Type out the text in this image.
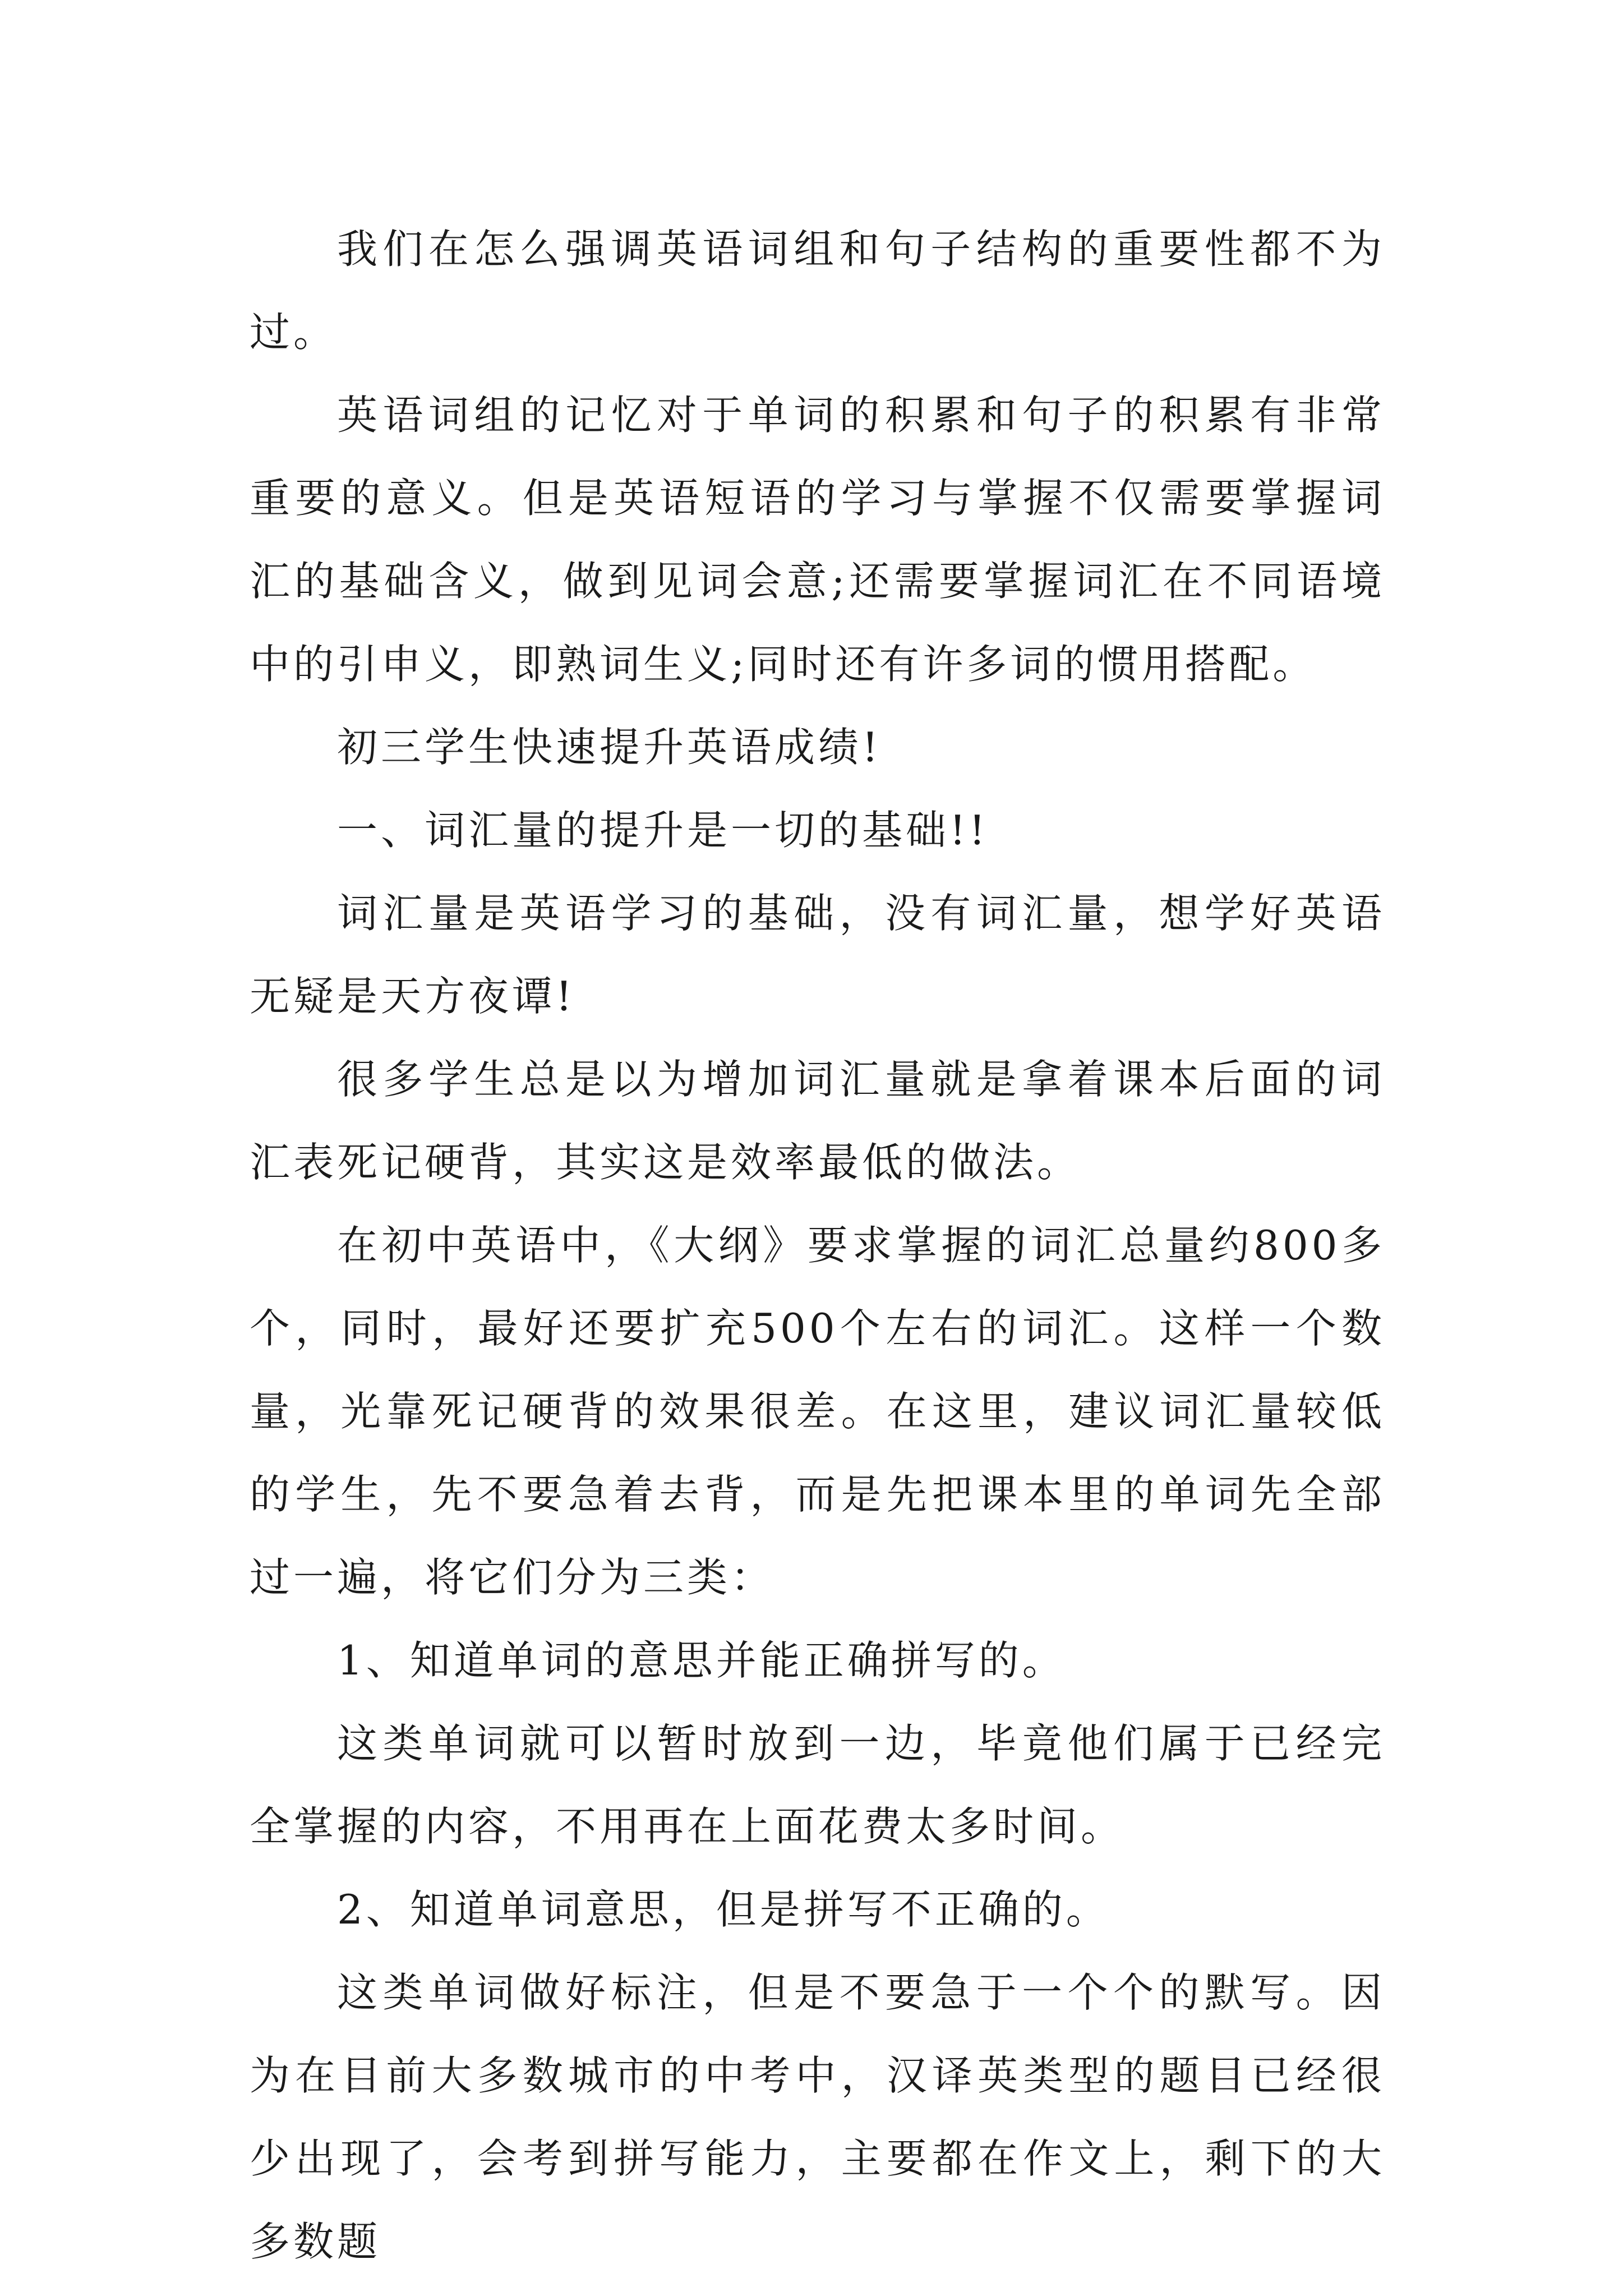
我们在怎么强调英语词组和句子结构的重要性都不为过。

英语词组的记忆对于单词的积累和句子的积累有非常重要的意义。但是英语短语的学习与掌握不仅需要掌握词汇的基础含义，做到见词会意;还需要掌握词汇在不同语境中的引申义，即熟词生义;同时还有许多词的惯用搭配。

初三学生快速提升英语成绩!

一、词汇量的提升是一切的基础!!

词汇量是英语学习的基础，没有词汇量，想学好英语无疑是天方夜谭!

很多学生总是以为增加词汇量就是拿着课本后面的词汇表死记硬背，其实这是效率最低的做法。

在初中英语中，《大纲》要求掌握的词汇总量约800多个，同时，最好还要扩充500个左右的词汇。这样一个数量，光靠死记硬背的效果很差。在这里，建议词汇量较低的学生，先不要急着去背，而是先把课本里的单词先全部过一遍，将它们分为三类：

1、知道单词的意思并能正确拼写的。

这类单词就可以暂时放到一边，毕竟他们属于已经完全掌握的内容，不用再在上面花费太多时间。

2、知道单词意思，但是拼写不正确的。

这类单词做好标注，但是不要急于一个个的默写。因为在目前大多数城市的中考中，汉译英类型的题目已经很少出现了，会考到拼写能力，主要都在作文上，剩下的大多数题
